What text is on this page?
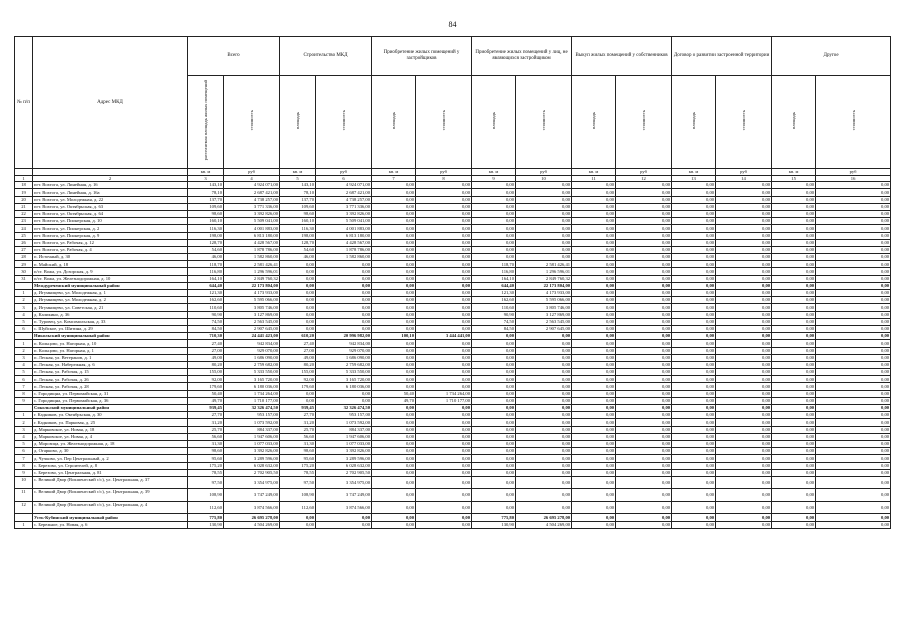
84
№ п/п	Адрес МКД	Всего		Строительство МКД		Приобретение жилых помещений у застройщиков		Приобретение жилых помещений у лиц, не являющихся застройщиком		Выкуп жилых помещений у собственников		Договор о развитии застроенной территории		Другое	
		расселяемая площадь жилых помещений	стоимость	площадь	стоимость	площадь	стоимость	площадь	стоимость	площадь	стоимость	площадь	стоимость	площадь	стоимость
		кв. м	руб	кв. м	руб	кв. м	руб	кв. м	руб	кв. м	руб	кв. м	руб	кв. м	руб
1	2	3	4	5	6	7	8	9	10	11	12	13	14	15	16
18	пгт. Вохтога, ул. Линейная, д. 16	143,10	4 924 071,00	143,10	4 924 071,00	0,00	0,00	0,00	0,00	0,00	0,00	0,00	0,00	0,00	0,00
19	пгт. Вохтога, ул. Линейная, д. 16а	78,10	2 687 421,00	78,10	2 687 421,00	0,00	0,00	0,00	0,00	0,00	0,00	0,00	0,00	0,00	0,00
20	пгт. Вохтога, ул. Молодежная, д. 22	137,70	4 738 257,00	137,70	4 738 257,00	0,00	0,00	0,00	0,00	0,00	0,00	0,00	0,00	0,00	0,00
21	пгт. Вохтога, ул. Октябрьская, д. 63	109,60	3 771 336,00	109,60	3 771 336,00	0,00	0,00	0,00	0,00	0,00	0,00	0,00	0,00	0,00	0,00
22	пгт. Вохтога, ул. Октябрьская, д. 64	98,60	3 392 826,00	98,60	3 392 826,00	0,00	0,00	0,00	0,00	0,00	0,00	0,00	0,00	0,00	0,00
23	пгт. Вохтога, ул. Пионерская, д. 10	160,10	5 509 041,00	160,10	5 509 041,00	0,00	0,00	0,00	0,00	0,00	0,00	0,00	0,00	0,00	0,00
24	пгт. Вохтога, ул. Пионерская, д. 2	116,30	4 001 883,00	116,30	4 001 883,00	0,00	0,00	0,00	0,00	0,00	0,00	0,00	0,00	0,00	0,00
25	пгт. Вохтога, ул. Пионерская, д. 9	198,00	6 813 180,00	198,00	6 813 180,00	0,00	0,00	0,00	0,00	0,00	0,00	0,00	0,00	0,00	0,00
26	пгт. Вохтога, ул. Рабочая, д. 12	128,70	4 428 567,00	128,70	4 428 567,00	0,00	0,00	0,00	0,00	0,00	0,00	0,00	0,00	0,00	0,00
27	пгт. Вохтога, ул. Рабочая, д. 4	54,60	1 878 786,00	54,60	1 878 786,00	0,00	0,00	0,00	0,00	0,00	0,00	0,00	0,00	0,00	0,00
28	п. Источный, д. 30	46,00	1 582 860,00	46,00	1 582 860,00	0,00	0,00	0,00	0,00	0,00	0,00	0,00	0,00	0,00	0,00
29	п. Майский, д. 18	118,70	2 581 426,41	0,00	0,00	0,00	0,00	118,70	2 581 426,41	0,00	0,00	0,00	0,00	0,00	0,00
30	п/ст. Вожа, ул. Дозорская, д. 9	116,80	1 296 596,01	0,00	0,00	0,00	0,00	116,80	1 296 596,01	0,00	0,00	0,00	0,00	0,00	0,00
31	п/ст. Вожа, ул. Железнодорожная, д. 10	164,10	2 849 760,32	0,00	0,00	0,00	0,00	164,10	2 849 760,32	0,00	0,00	0,00	0,00	0,00	0,00
	Междуреченский муниципальный район	644,40	22 173 804,00	0,00	0,00	0,00	0,00	644,40	22 173 804,00	0,00	0,00	0,00	0,00	0,00	0,00
1	д. Игумницево, ул. Молодежная, д. 1	121,30	4 173 933,00	0,00	0,00	0,00	0,00	121,30	4 173 933,00	0,00	0,00	0,00	0,00	0,00	0,00
2	д. Игумницево, ул. Молодежная, д. 2	162,60	5 595 066,00	0,00	0,00	0,00	0,00	162,60	5 595 066,00	0,00	0,00	0,00	0,00	0,00	0,00
3	д. Игумницево, ул. Советская, д. 21	110,60	3 805 746,00	0,00	0,00	0,00	0,00	110,60	3 805 746,00	0,00	0,00	0,00	0,00	0,00	0,00
4	д. Каликино, д. 36	90,90	3 127 869,00	0,00	0,00	0,00	0,00	90,90	3 127 869,00	0,00	0,00	0,00	0,00	0,00	0,00
5	п. Туровец, ул. Комсомольская, д. 33	74,50	2 563 545,00	0,00	0,00	0,00	0,00	74,50	2 563 545,00	0,00	0,00	0,00	0,00	0,00	0,00
6	с. Шуйское, ул. Шитина, д. 29	84,50	2 907 645,00	0,00	0,00	0,00	0,00	84,50	2 907 645,00	0,00	0,00	0,00	0,00	0,00	0,00
	Никольский муниципальный район	710,30	24 441 423,00	610,20	20 996 982,00	100,10	3 444 441,00	0,00	0,00	0,00	0,00	0,00	0,00	0,00	0,00
1	п. Кольцово, ул. Нагорная, д. 10	27,40	942 834,00	27,40	942 834,00	0,00	0,00	0,00	0,00	0,00	0,00	0,00	0,00	0,00	0,00
2	п. Кольцово, ул. Нагорная, д. 1	27,00	929 070,00	27,00	929 070,00	0,00	0,00	0,00	0,00	0,00	0,00	0,00	0,00	0,00	0,00
3	п. Лесная, ул. Ветеранов, д. 1	49,00	1 686 090,00	49,00	1 686 090,00	0,00	0,00	0,00	0,00	0,00	0,00	0,00	0,00	0,00	0,00
4	п. Лесная, ул. Набережная, д. 6	80,20	2 759 682,00	80,20	2 759 682,00	0,00	0,00	0,00	0,00	0,00	0,00	0,00	0,00	0,00	0,00
5	п. Лесная, ул. Рабочая, д. 15	155,00	5 333 550,00	155,00	5 333 550,00	0,00	0,00	0,00	0,00	0,00	0,00	0,00	0,00	0,00	0,00
6	п. Лесная, ул. Рабочая, д. 26	92,00	3 165 720,00	92,00	3 165 720,00	0,00	0,00	0,00	0,00	0,00	0,00	0,00	0,00	0,00	0,00
7	п. Лесная, ул. Рабочая, д. 28	179,60	6 180 036,00	179,60	6 180 036,00	0,00	0,00	0,00	0,00	0,00	0,00	0,00	0,00	0,00	0,00
8	с. Городищна, ул. Первомайская, д. 31	50,40	1 734 264,00	0,00	0,00	50,40	1 734 264,00	0,00	0,00	0,00	0,00	0,00	0,00	0,00	0,00
9	с. Городищна, ул. Первомайская, д. 36	49,70	1 710 177,00	0,00	0,00	49,70	1 710 177,00	0,00	0,00	0,00	0,00	0,00	0,00	0,00	0,00
	Сокольский муниципальный район	939,45	32 326 474,50	939,45	32 326 474,50	0,00	0,00	0,00	0,00	0,00	0,00	0,00	0,00	0,00	0,00
1	г. Кадников, ул. Октябрьская, д. 30	27,70	953 157,00	27,70	953 157,00	0,00	0,00	0,00	0,00	0,00	0,00	0,00	0,00	0,00	0,00
2	г. Кадников, ул. Парковая, д. 25	31,20	1 073 592,00	31,20	1 073 592,00	0,00	0,00	0,00	0,00	0,00	0,00	0,00	0,00	0,00	0,00
3	д. Марковское, ул. Новая, д. 18	25,70	884 337,00	25,70	884 337,00	0,00	0,00	0,00	0,00	0,00	0,00	0,00	0,00	0,00	0,00
4	д. Марковское, ул. Новая, д. 4	56,60	1 947 606,00	56,60	1 947 606,00	0,00	0,00	0,00	0,00	0,00	0,00	0,00	0,00	0,00	0,00
5	д. Морозица, ул. Железнодорожная, д. 18	31,30	1 077 033,00	31,30	1 077 033,00	0,00	0,00	0,00	0,00	0,00	0,00	0,00	0,00	0,00	0,00
6	д. Огарково, д. 30	98,60	3 392 826,00	98,60	3 392 826,00	0,00	0,00	0,00	0,00	0,00	0,00	0,00	0,00	0,00	0,00
7	д. Чучково, ул. Пер Центральный, д. 2	95,60	3 289 596,00	95,60	3 289 596,00	0,00	0,00	0,00	0,00	0,00	0,00	0,00	0,00	0,00	0,00
8	с. Березово, ул. Строителей, д. 8	175,20	6 028 632,00	175,20	6 028 632,00	0,00	0,00	0,00	0,00	0,00	0,00	0,00	0,00	0,00	0,00
9	с. Березово, ул. Центральная, д. 81	78,55	2 702 905,50	78,55	2 702 905,50	0,00	0,00	0,00	0,00	0,00	0,00	0,00	0,00	0,00	0,00
10	с. Великий Двор (Boкшенгский с/с), ул. Центральная, д. 37	97,50	3 354 975,00	97,50	3 354 975,00	0,00	0,00	0,00	0,00	0,00	0,00	0,00	0,00	0,00	0,00
11	с. Великий Двор (Boкшенгский с/с), ул. Центральная, д. 39	108,90	3 747 249,00	108,90	3 747 249,00	0,00	0,00	0,00	0,00	0,00	0,00	0,00	0,00	0,00	0,00
12	с. Великий Двор (Boкшенгский с/с), ул. Центральная, д. 4	112,60	3 874 566,00	112,60	3 874 566,00	0,00	0,00	0,00	0,00	0,00	0,00	0,00	0,00	0,00	0,00
	Усть-Кубинский муниципальный район	775,80	26 695 278,00	0,00	0,00	0,00	0,00	775,80	26 695 278,00	0,00	0,00	0,00	0,00	0,00	0,00
1	с. Бережное, ул. Новая, д. 6	130,90	4 504 269,00	0,00	0,00	0,00	0,00	130,90	4 504 269,00	0,00	0,00	0,00	0,00	0,00	0,00
